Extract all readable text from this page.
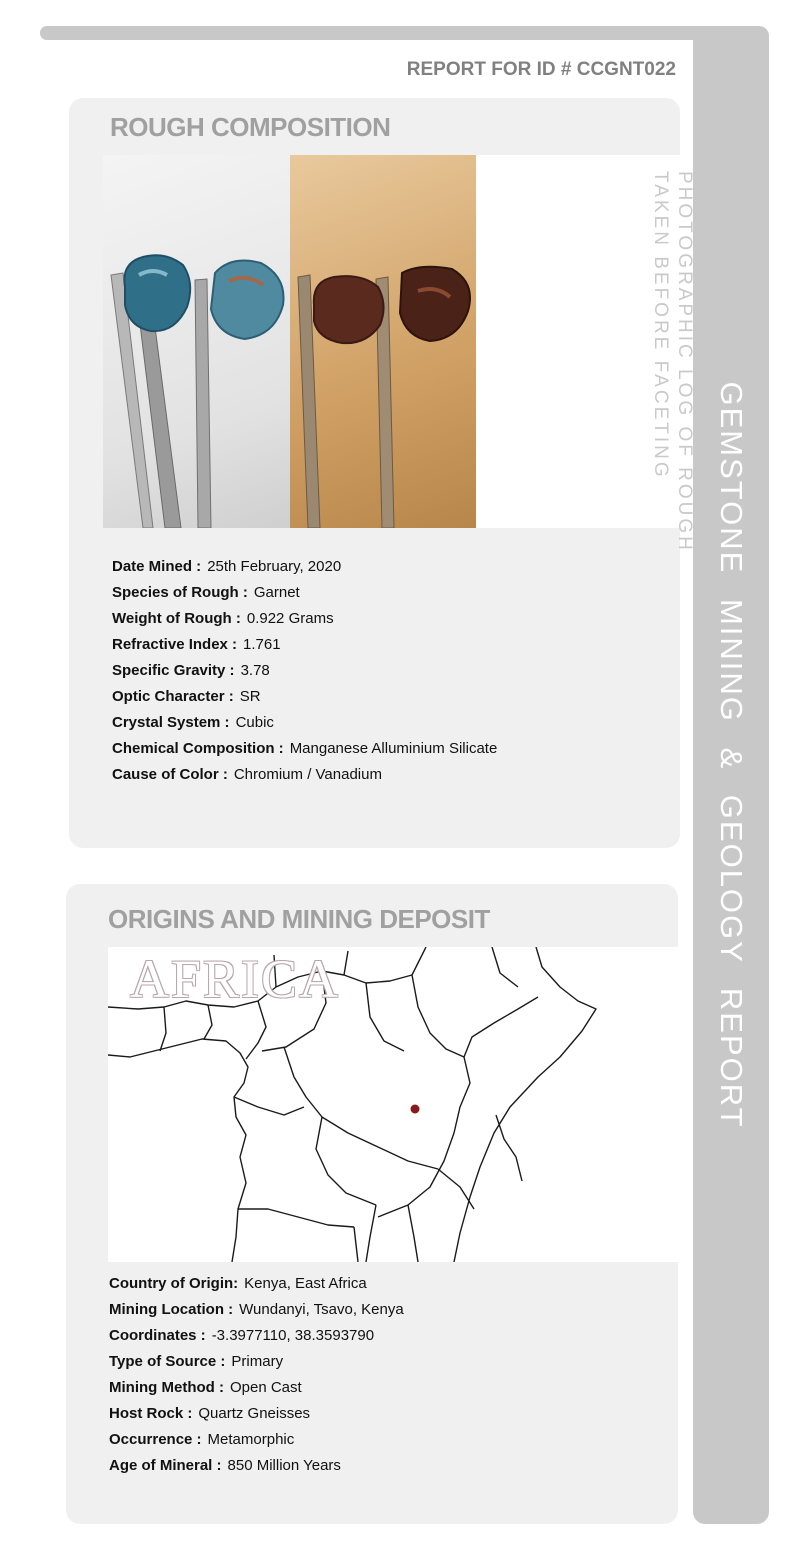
GEMSTONE MINING & GEOLOGY REPORT
REPORT FOR ID # CCGNT022
ROUGH COMPOSITION
PHOTOGRAPHIC LOG OF ROUGH
TAKEN BEFORE FACETING
Date Mined : 25th February, 2020
Species of Rough : Garnet
Weight of Rough : 0.922 Grams
Refractive Index : 1.761
Specific Gravity : 3.78
Optic Character : SR
Crystal System : Cubic
Chemical Composition : Manganese Alluminium Silicate
Cause of Color : Chromium / Vanadium
ORIGINS AND MINING DEPOSIT
AFRICA
Country of Origin: Kenya, East Africa
Mining Location : Wundanyi, Tsavo, Kenya
Coordinates : -3.3977110, 38.3593790
Type of Source : Primary
Mining Method : Open Cast
Host Rock : Quartz Gneisses
Occurrence : Metamorphic
Age of Mineral : 850 Million Years
